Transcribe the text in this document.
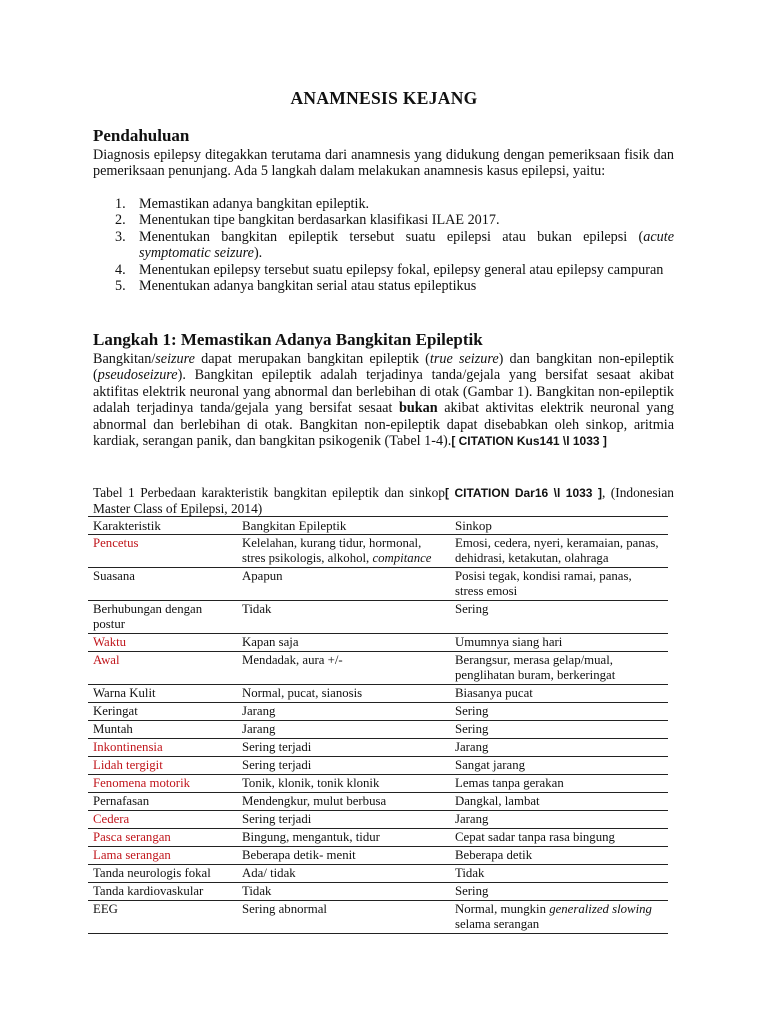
ANAMNESIS KEJANG
Pendahuluan

Diagnosis epilepsy ditegakkan terutama dari anamnesis yang didukung dengan pemeriksaan fisik dan pemeriksaan penunjang. Ada 5 langkah dalam melakukan anamnesis kasus epilepsi, yaitu:

1. Memastikan adanya bangkitan epileptik.
2. Menentukan tipe bangkitan berdasarkan klasifikasi ILAE 2017.
3. Menentukan bangkitan epileptik tersebut suatu epilepsi atau bukan epilepsi (acute symptomatic seizure).
4. Menentukan epilepsy tersebut suatu epilepsy fokal, epilepsy general atau epilepsy campuran
5. Menentukan adanya bangkitan serial atau status epileptikus
Langkah 1: Memastikan Adanya Bangkitan Epileptik

Bangkitan/seizure dapat merupakan bangkitan epileptik (true seizure) dan bangkitan non-epileptik (pseudoseizure). Bangkitan epileptik adalah terjadinya tanda/gejala yang bersifat sesaat akibat aktifitas elektrik neuronal yang abnormal dan berlebihan di otak (Gambar 1). Bangkitan non-epileptik adalah terjadinya tanda/gejala yang bersifat sesaat bukan akibat aktivitas elektrik neuronal yang abnormal dan berlebihan di otak. Bangkitan non-epileptik dapat disebabkan oleh sinkop, aritmia kardiak, serangan panik, dan bangkitan psikogenik (Tabel 1-4).[ CITATION Kus141 \l 1033 ]

Tabel 1 Perbedaan karakteristik bangkitan epileptik dan sinkop[ CITATION Dar16 \l 1033 ], (Indonesian Master Class of Epilepsi, 2014)

Karakteristik	Bangkitan Epileptik	Sinkop
Pencetus	Kelelahan, kurang tidur, hormonal, stres psikologis, alkohol, compitance	Emosi, cedera, nyeri, keramaian, panas, dehidrasi, ketakutan, olahraga
Suasana	Apapun	Posisi tegak, kondisi ramai, panas, stress emosi
Berhubungan dengan postur	Tidak	Sering
Waktu	Kapan saja	Umumnya siang hari
Awal	Mendadak, aura +/-	Berangsur, merasa gelap/mual, penglihatan buram, berkeringat
Warna Kulit	Normal, pucat, sianosis	Biasanya pucat
Keringat	Jarang	Sering
Muntah	Jarang	Sering
Inkontinensia	Sering terjadi	Jarang
Lidah tergigit	Sering terjadi	Sangat jarang
Fenomena motorik	Tonik, klonik, tonik klonik	Lemas tanpa gerakan
Pernafasan	Mendengkur, mulut berbusa	Dangkal, lambat
Cedera	Sering terjadi	Jarang
Pasca serangan	Bingung, mengantuk, tidur	Cepat sadar tanpa rasa bingung
Lama serangan	Beberapa detik- menit	Beberapa detik
Tanda neurologis fokal	Ada/ tidak	Tidak
Tanda kardiovaskular	Tidak	Sering
EEG	Sering abnormal	Normal, mungkin generalized slowing selama serangan
